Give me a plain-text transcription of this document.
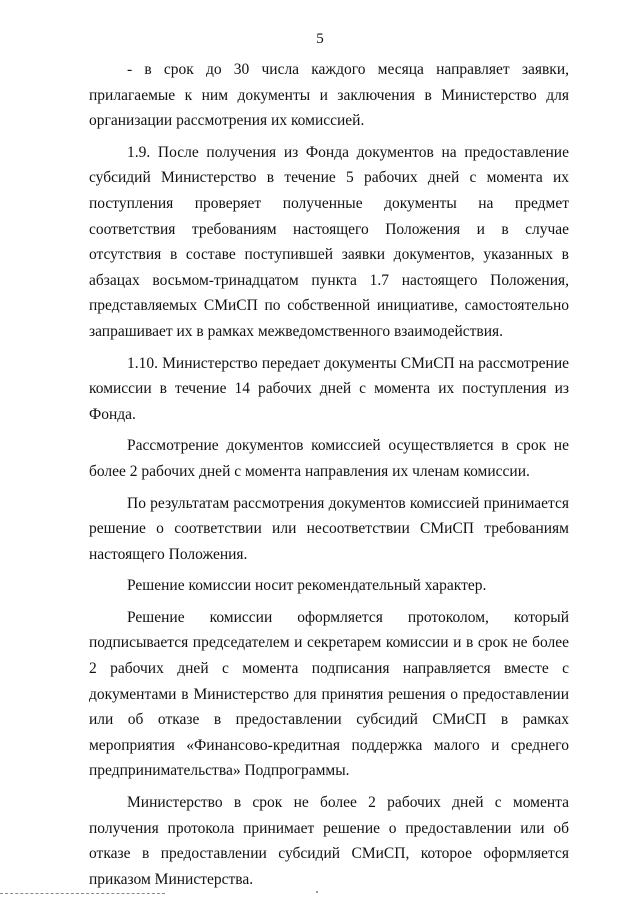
5

- в срок до 30 числа каждого месяца направляет заявки, прилагаемые к ним документы и заключения в Министерство для организации рассмотрения их комиссией.

1.9. После получения из Фонда документов на предоставление субсидий Министерство в течение 5 рабочих дней с момента их поступления проверяет полученные документы на предмет соответствия требованиям настоящего Положения и в случае отсутствия в составе поступившей заявки документов, указанных в абзацах восьмом-тринадцатом пункта 1.7 настоящего Положения, представляемых СМиСП по собственной инициативе, самостоятельно запрашивает их в рамках межведомственного взаимодействия.

1.10. Министерство передает документы СМиСП на рассмотрение комиссии в течение 14 рабочих дней с момента их поступления из Фонда.

Рассмотрение документов комиссией осуществляется в срок не более 2 рабочих дней с момента направления их членам комиссии.

По результатам рассмотрения документов комиссией принимается решение о соответствии или несоответствии СМиСП требованиям настоящего Положения.

Решение комиссии носит рекомендательный характер.

Решение комиссии оформляется протоколом, который подписывается председателем и секретарем комиссии и в срок не более 2 рабочих дней с момента подписания направляется вместе с документами в Министерство для принятия решения о предоставлении или об отказе в предоставлении субсидий СМиСП в рамках мероприятия «Финансово-кредитная поддержка малого и среднего предпринимательства» Подпрограммы.

Министерство в срок не более 2 рабочих дней с момента получения протокола принимает решение о предоставлении или об отказе в предоставлении субсидий СМиСП, которое оформляется приказом Министерства.
